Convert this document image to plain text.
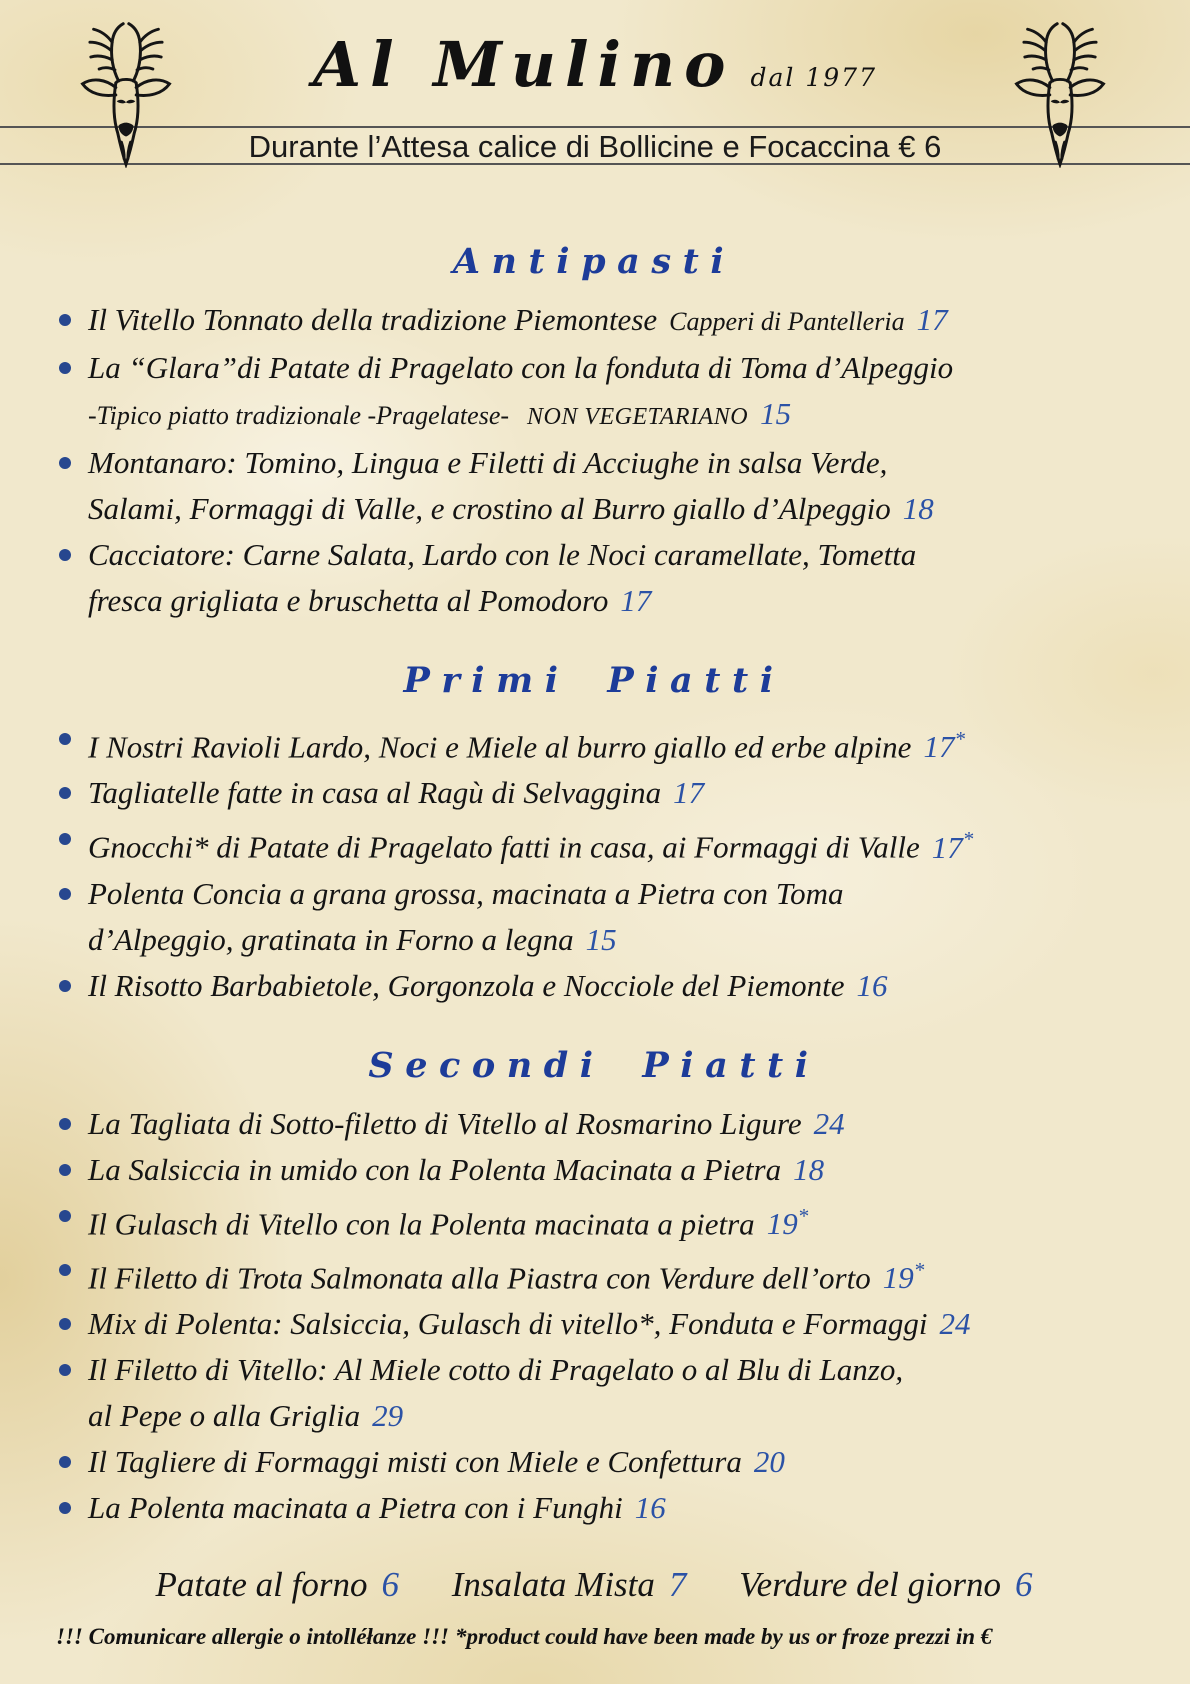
Al Mulino dal 1977
Durante l’Attesa calice di Bollicine e Focaccina € 6
Antipasti
Il Vitello Tonnato della tradizione Piemontese Capperi di Pantelleria 17
La “Glara”di Patate di Pragelato con la fonduta di Toma d’Alpeggio
-Tipico piatto tradizionale -Pragelatese- NON VEGETARIANO 15
Montanaro: Tomino, Lingua e Filetti di Acciughe in salsa Verde,
Salami, Formaggi di Valle, e crostino al Burro giallo d’Alpeggio 18
Cacciatore: Carne Salata, Lardo con le Noci caramellate, Tometta
fresca grigliata e bruschetta al Pomodoro 17
Primi Piatti
I Nostri Ravioli Lardo, Noci e Miele al burro giallo ed erbe alpine 17*
Tagliatelle fatte in casa al Ragù di Selvaggina 17
Gnocchi* di Patate di Pragelato fatti in casa, ai Formaggi di Valle 17*
Polenta Concia a grana grossa, macinata a Pietra con Toma
d’Alpeggio, gratinata in Forno a legna 15
Il Risotto Barbabietole, Gorgonzola e Nocciole del Piemonte 16
Secondi Piatti
La Tagliata di Sotto-filetto di Vitello al Rosmarino Ligure 24
La Salsiccia in umido con la Polenta Macinata a Pietra 18
Il Gulasch di Vitello con la Polenta macinata a pietra 19*
Il Filetto di Trota Salmonata alla Piastra con Verdure dell’orto 19*
Mix di Polenta: Salsiccia, Gulasch di vitello*, Fonduta e Formaggi 24
Il Filetto di Vitello: Al Miele cotto di Pragelato o al Blu di Lanzo,
al Pepe o alla Griglia 29
Il Tagliere di Formaggi misti con Miele e Confettura 20
La Polenta macinata a Pietra con i Funghi 16
Patate al forno 6 Insalata Mista 7 Verdure del giorno 6
!!! Comunicare allergie o intolléłanze !!! *product could have been made by us or froze prezzi in €
